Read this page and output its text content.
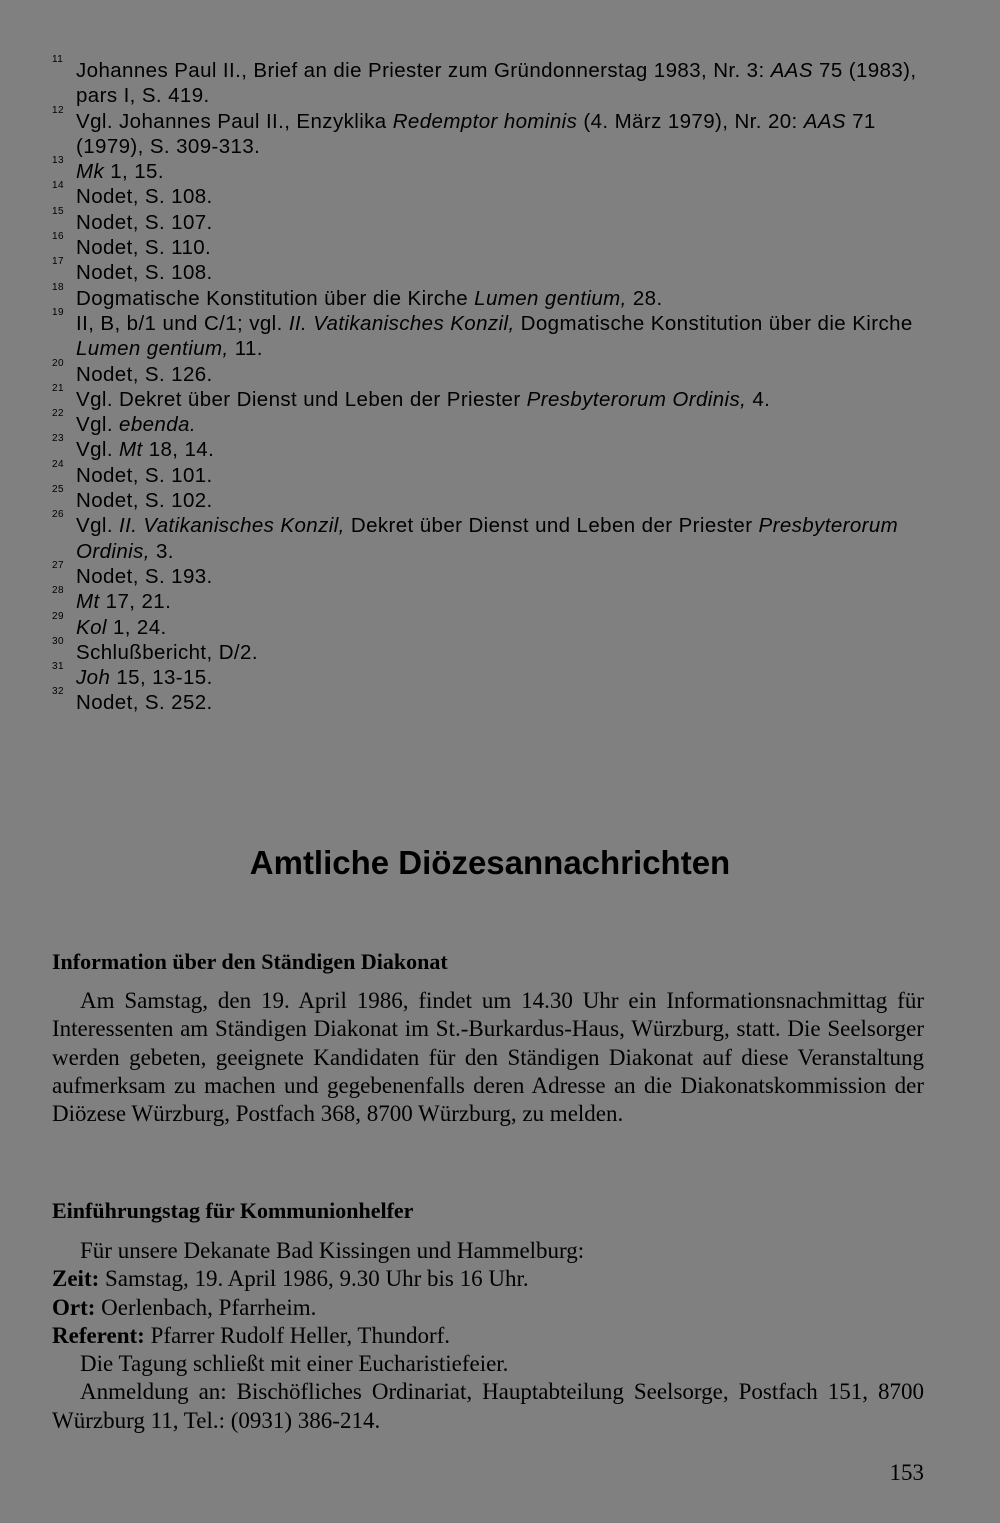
11 Johannes Paul II., Brief an die Priester zum Gründonnerstag 1983, Nr. 3: AAS 75 (1983), pars I, S. 419.
12 Vgl. Johannes Paul II., Enzyklika Redemptor hominis (4. März 1979), Nr. 20: AAS 71 (1979), S. 309-313.
13 Mk 1, 15.
14 Nodet, S. 108.
15 Nodet, S. 107.
16 Nodet, S. 110.
17 Nodet, S. 108.
18 Dogmatische Konstitution über die Kirche Lumen gentium, 28.
19 II, B, b/1 und C/1; vgl. II. Vatikanisches Konzil, Dogmatische Konstitution über die Kirche Lumen gentium, 11.
20 Nodet, S. 126.
21 Vgl. Dekret über Dienst und Leben der Priester Presbyterorum Ordinis, 4.
22 Vgl. ebenda.
23 Vgl. Mt 18, 14.
24 Nodet, S. 101.
25 Nodet, S. 102.
26 Vgl. II. Vatikanisches Konzil, Dekret über Dienst und Leben der Priester Presbyterorum Ordinis, 3.
27 Nodet, S. 193.
28 Mt 17, 21.
29 Kol 1, 24.
30 Schlußbericht, D/2.
31 Joh 15, 13-15.
32 Nodet, S. 252.
Amtliche Diözesannachrichten
Information über den Ständigen Diakonat
Am Samstag, den 19. April 1986, findet um 14.30 Uhr ein Informationsnachmittag für Interessenten am Ständigen Diakonat im St.-Burkardus-Haus, Würzburg, statt. Die Seelsorger werden gebeten, geeignete Kandidaten für den Ständigen Diakonat auf diese Veranstaltung aufmerksam zu machen und gegebenenfalls deren Adresse an die Diakonatskommission der Diözese Würzburg, Postfach 368, 8700 Würzburg, zu melden.
Einführungstag für Kommunionhelfer
Für unsere Dekanate Bad Kissingen und Hammelburg:
Zeit: Samstag, 19. April 1986, 9.30 Uhr bis 16 Uhr.
Ort: Oerlenbach, Pfarrheim.
Referent: Pfarrer Rudolf Heller, Thundorf.
Die Tagung schließt mit einer Eucharistiefeier.
Anmeldung an: Bischöfliches Ordinariat, Hauptabteilung Seelsorge, Postfach 151, 8700 Würzburg 11, Tel.: (0931) 386-214.
153
